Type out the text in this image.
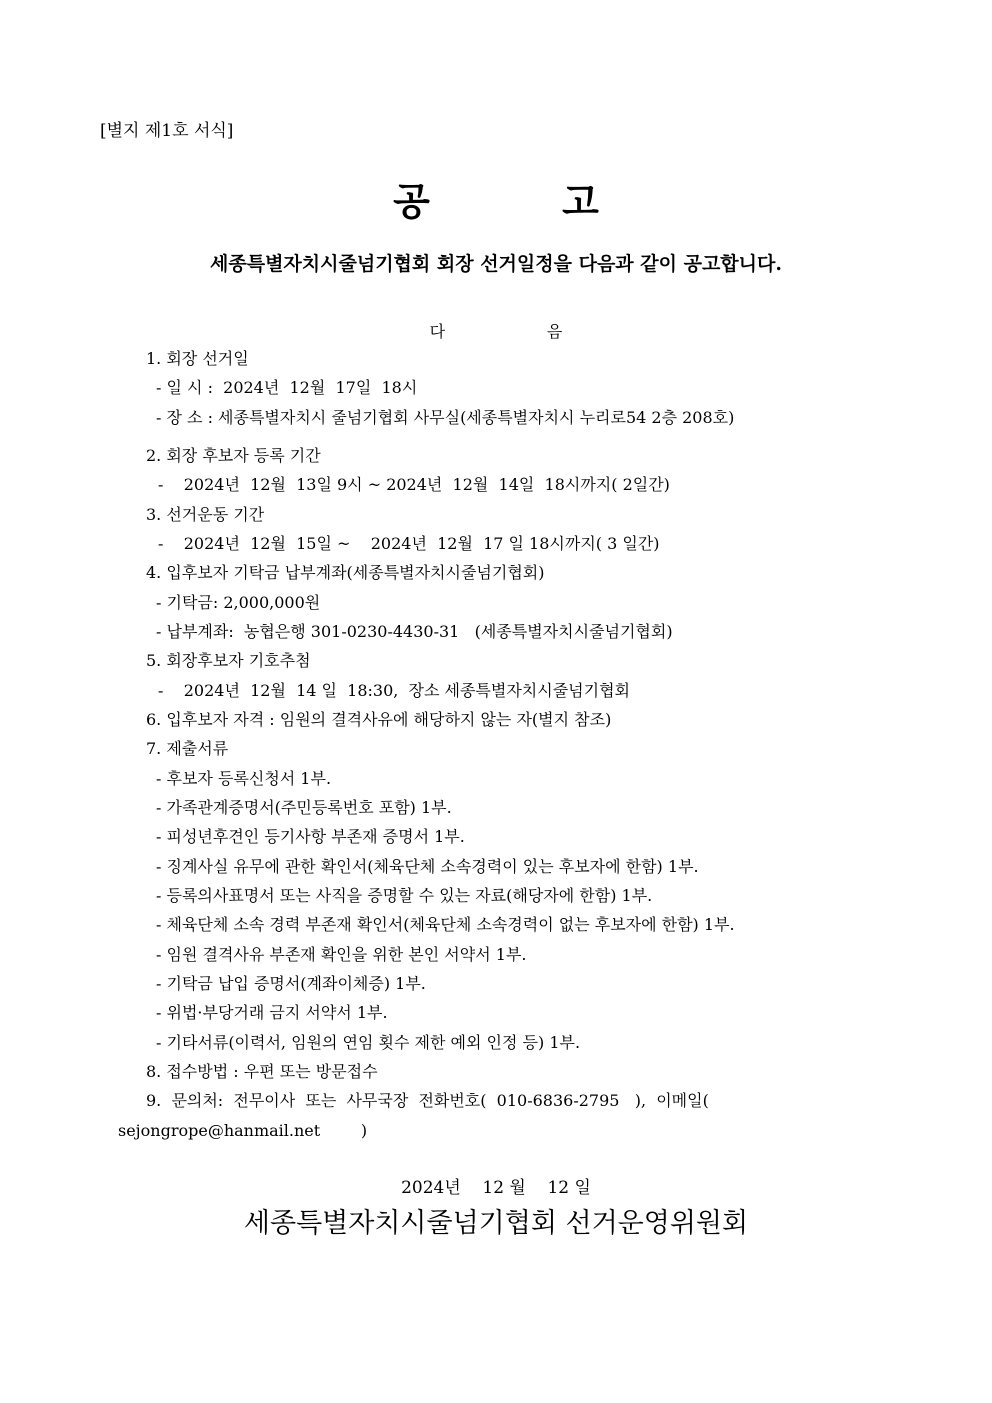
[별지 제1호 서식]
공          고
세종특별자치시줄넘기협회 회장 선거일정을 다음과 같이 공고합니다.
다                    음
1. 회장 선거일
- 일 시 :  2024년  12월  17일  18시
- 장 소 : 세종특별자치시 줄넘기협회 사무실(세종특별자치시 누리로54 2층 208호)
2. 회장 후보자 등록 기간
-    2024년  12월  13일 9시 ~ 2024년  12월  14일  18시까지( 2일간)
3. 선거운동 기간
-    2024년  12월  15일 ~    2024년  12월  17 일 18시까지( 3 일간)
4. 입후보자 기탁금 납부계좌(세종특별자치시줄넘기협회)
- 기탁금: 2,000,000원
- 납부계좌:  농협은행 301-0230-4430-31   (세종특별자치시줄넘기협회)
5. 회장후보자 기호추첨
-    2024년  12월  14 일  18:30,  장소 세종특별자치시줄넘기협회
6. 입후보자 자격 : 임원의 결격사유에 해당하지 않는 자(별지 참조)
7. 제출서류
- 후보자 등록신청서 1부.
- 가족관계증명서(주민등록번호 포함) 1부.
- 피성년후견인 등기사항 부존재 증명서 1부.
- 징계사실 유무에 관한 확인서(체육단체 소속경력이 있는 후보자에 한함) 1부.
- 등록의사표명서 또는 사직을 증명할 수 있는 자료(해당자에 한함) 1부.
- 체육단체 소속 경력 부존재 확인서(체육단체 소속경력이 없는 후보자에 한함) 1부.
- 임원 결격사유 부존재 확인을 위한 본인 서약서 1부.
- 기탁금 납입 증명서(계좌이체증) 1부.
- 위법·부당거래 금지 서약서 1부.
- 기타서류(이력서, 임원의 연임 횟수 제한 예외 인정 등) 1부.
8. 접수방법 : 우편 또는 방문접수
9.  문의처:  전무이사  또는  사무국장  전화번호(  010-6836-2795   ),  이메일(
sejongrope@hanmail.net        )
2024년    12 월    12 일
세종특별자치시줄넘기협회 선거운영위원회
